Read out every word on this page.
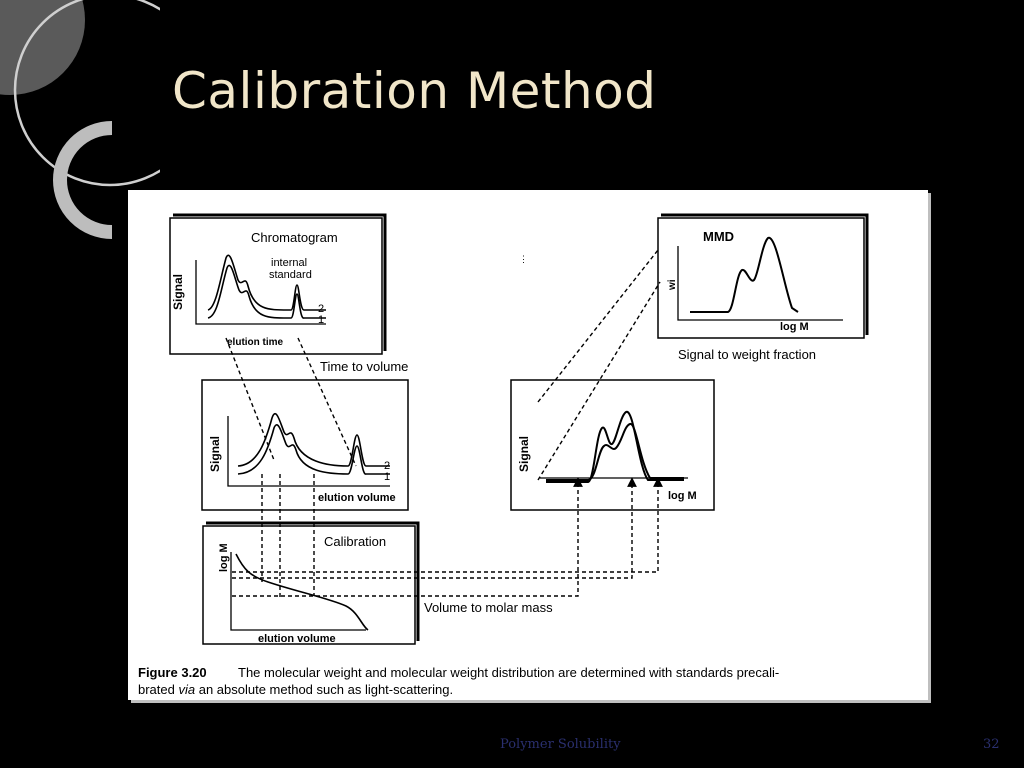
Calibration Method
Chromatogram
Signal
internal
standard
2
1
elution time
Time to volume
Signal	2
1
elution volume
Calibration
log M
elution volume
Volume to molar mass
Signal
log M
MMD
wi
log M
Signal to weight fraction
⋮
Figure 3.20 The molecular weight and molecular weight distribution are determined with standards precali-
brated via an absolute method such as light-scattering.
Polymer Solubility	32
